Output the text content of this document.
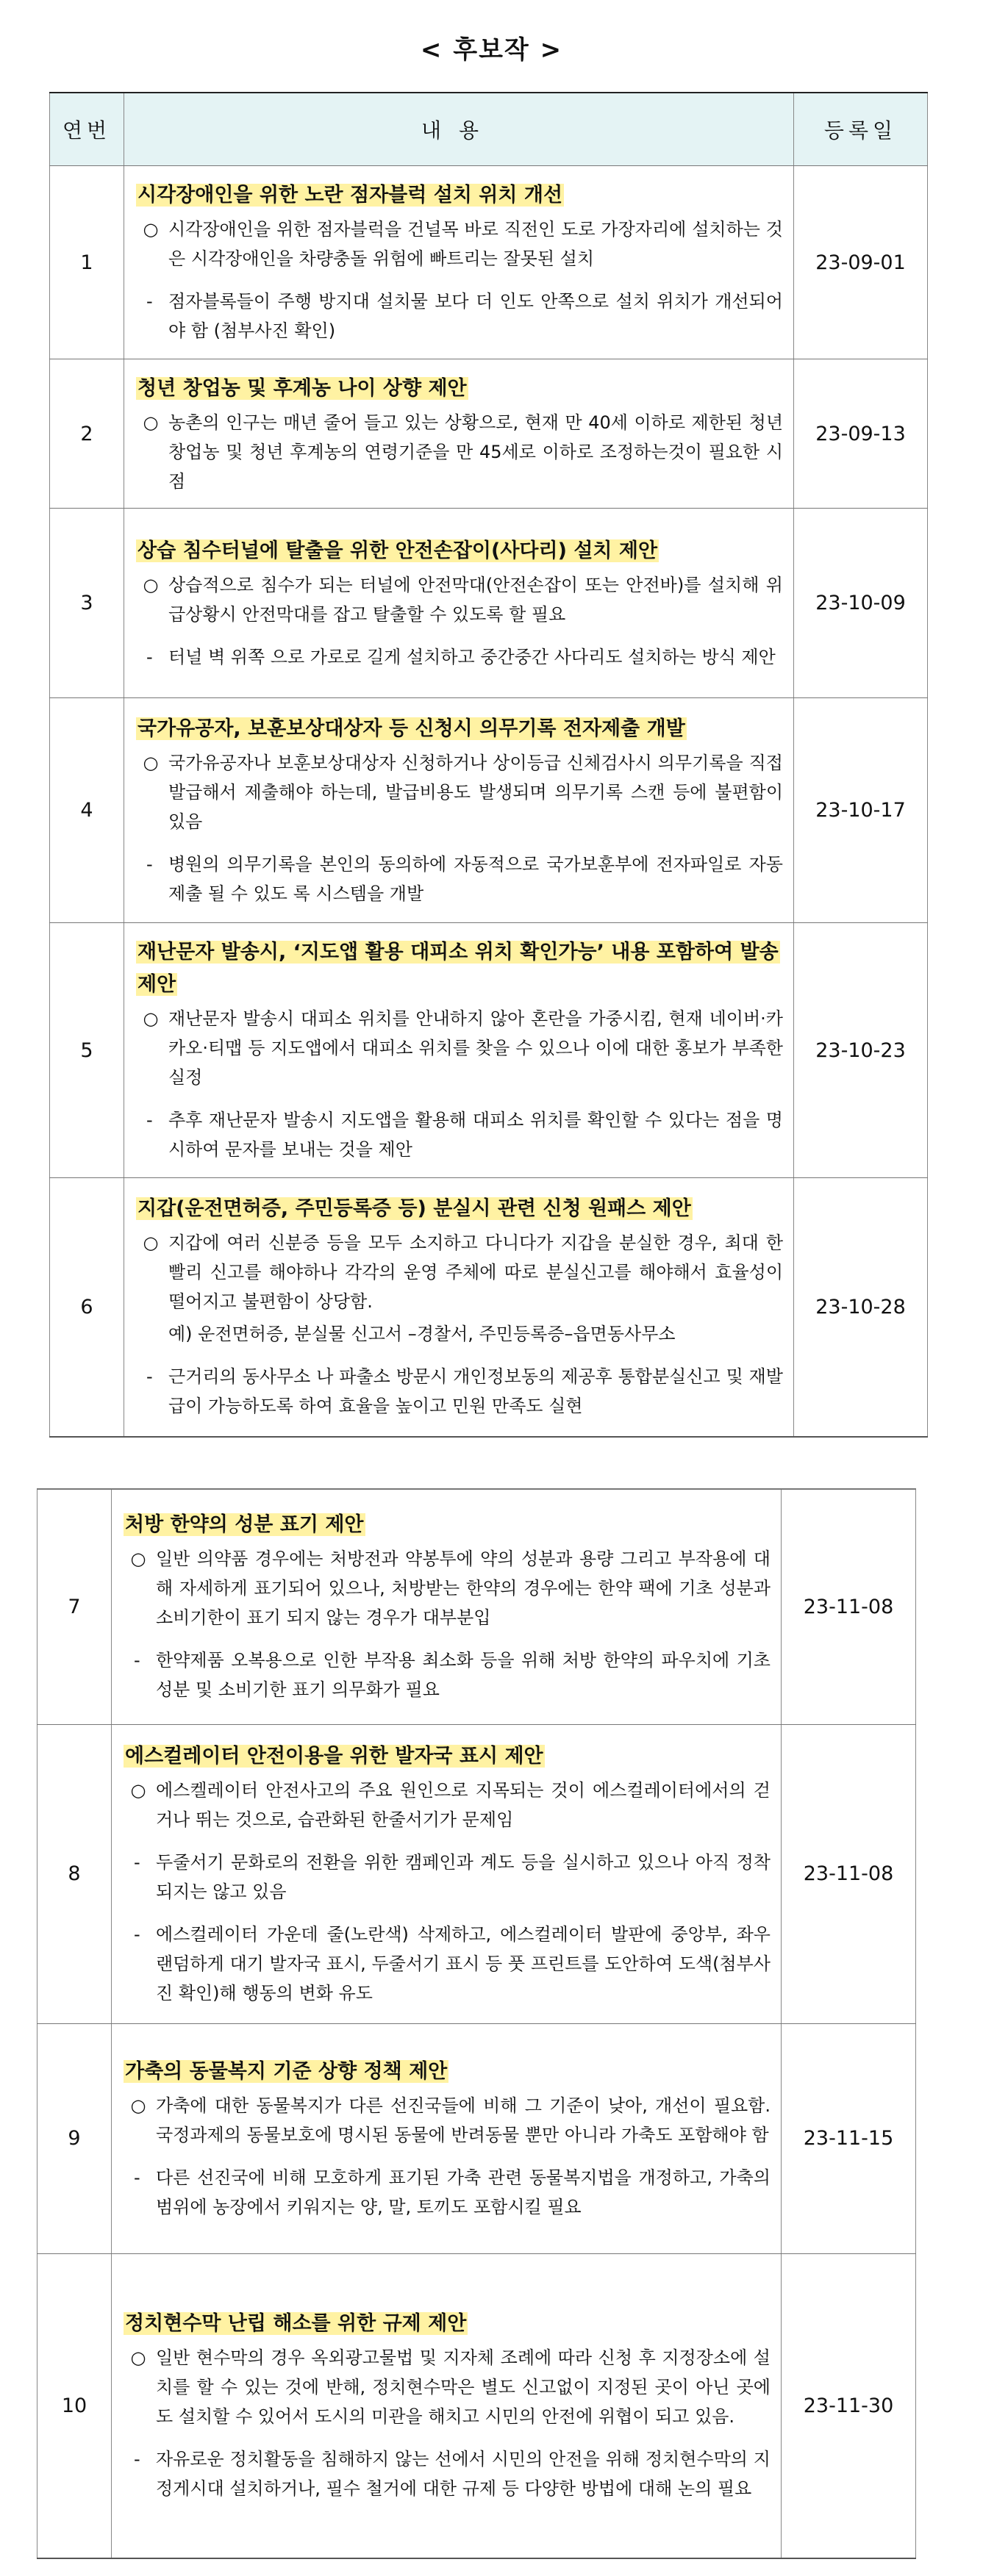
< 후보작 >
연번	내용	등록일
1	시각장애인을 위한 노란 점자블럭 설치 위치 개선
○ 시각장애인을 위한 점자블럭을 건널목 바로 직전인 도로 가장자리에 설치하는 것은 시각장애인을 차량충돌 위험에 빠트리는 잘못된 설치
- 점자블록들이 주행 방지대 설치물 보다 더 인도 안쪽으로 설치 위치가 개선되어야 함 (첨부사진 확인)	23-09-01
2	청년 창업농 및 후계농 나이 상향 제안
○ 농촌의 인구는 매년 줄어 들고 있는 상황으로, 현재 만 40세 이하로 제한된 청년 창업농 및 청년 후계농의 연령기준을 만 45세로 이하로 조정하는것이 필요한 시점	23-09-13
3	상습 침수터널에 탈출을 위한 안전손잡이(사다리) 설치 제안
○ 상습적으로 침수가 되는 터널에 안전막대(안전손잡이 또는 안전바)를 설치해 위급상황시 안전막대를 잡고 탈출할 수 있도록 할 필요
- 터널 벽 위쪽 으로 가로로 길게 설치하고 중간중간 사다리도 설치하는 방식 제안	23-10-09
4	국가유공자, 보훈보상대상자 등 신청시 의무기록 전자제출 개발
○ 국가유공자나 보훈보상대상자 신청하거나 상이등급 신체검사시 의무기록을 직접 발급해서 제출해야 하는데, 발급비용도 발생되며 의무기록 스캔 등에 불편함이 있음
- 병원의 의무기록을 본인의 동의하에 자동적으로 국가보훈부에 전자파일로 자동 제출 될 수 있도 록 시스템을 개발	23-10-17
5	재난문자 발송시, ‘지도앱 활용 대피소 위치 확인가능’ 내용 포함하여 발송 제안
○ 재난문자 발송시 대피소 위치를 안내하지 않아 혼란을 가중시킴, 현재 네이버·카카오·티맵 등 지도앱에서 대피소 위치를 찾을 수 있으나 이에 대한 홍보가 부족한 실정
- 추후 재난문자 발송시 지도앱을 활용해 대피소 위치를 확인할 수 있다는 점을 명시하여 문자를 보내는 것을 제안	23-10-23
6	
지갑(운전면허증, 주민등록증 등) 분실시 관련 신청 원패스 제안
○ 지갑에 여러 신분증 등을 모두 소지하고 다니다가 지갑을 분실한 경우, 최대 한 빨리 신고를 해야하나 각각의 운영 주체에 따로 분실신고를 해야해서 효율성이 떨어지고 불편함이 상당함.
예) 운전면허증, 분실물 신고서 –경찰서, 주민등록증–읍면동사무소
- 근거리의 동사무소 나 파출소 방문시 개인정보동의 제공후 통합분실신고 및 재발급이 가능하도록 하여 효율을 높이고 민원 만족도 실현
	23-10-28
7	처방 한약의 성분 표기 제안
○ 일반 의약품 경우에는 처방전과 약봉투에 약의 성분과 용량 그리고 부작용에 대해 자세하게 표기되어 있으나, 처방받는 한약의 경우에는 한약 팩에 기초 성분과 소비기한이 표기 되지 않는 경우가 대부분입
- 한약제품 오복용으로 인한 부작용 최소화 등을 위해 처방 한약의 파우치에 기초 성분 및 소비기한 표기 의무화가 필요	23-11-08
8	
에스컬레이터 안전이용을 위한 발자국 표시 제안
○ 에스켈레이터 안전사고의 주요 원인으로 지목되는 것이 에스컬레이터에서의 걷거나 뛰는 것으로, 습관화된 한줄서기가 문제임
- 두줄서기 문화로의 전환을 위한 캠페인과 계도 등을 실시하고 있으나 아직 정착되지는 않고 있음
- 에스컬레이터 가운데 줄(노란색) 삭제하고, 에스컬레이터 발판에 중앙부, 좌우 랜덤하게 대기 발자국 표시, 두줄서기 표시 등 풋 프린트를 도안하여 도색(첨부사진 확인)해 행동의 변화 유도
	23-11-08
9	가축의 동물복지 기준 상향 정책 제안
○ 가축에 대한 동물복지가 다른 선진국들에 비해 그 기준이 낮아, 개선이 필요함. 국정과제의 동물보호에 명시된 동물에 반려동물 뿐만 아니라 가축도 포함해야 함
- 다른 선진국에 비해 모호하게 표기된 가축 관련 동물복지법을 개정하고, 가축의 범위에 농장에서 키워지는 양, 말, 토끼도 포함시킬 필요	23-11-15
10	정치현수막 난립 해소를 위한 규제 제안
○ 일반 현수막의 경우 옥외광고물법 및 지자체 조례에 따라 신청 후 지정장소에 설치를 할 수 있는 것에 반해, 정치현수막은 별도 신고없이 지정된 곳이 아닌 곳에도 설치할 수 있어서 도시의 미관을 해치고 시민의 안전에 위협이 되고 있음.
- 자유로운 정치활동을 침해하지 않는 선에서 시민의 안전을 위해 정치현수막의 지정게시대 설치하거나, 필수 철거에 대한 규제 등 다양한 방법에 대해 논의 필요	23-11-30
